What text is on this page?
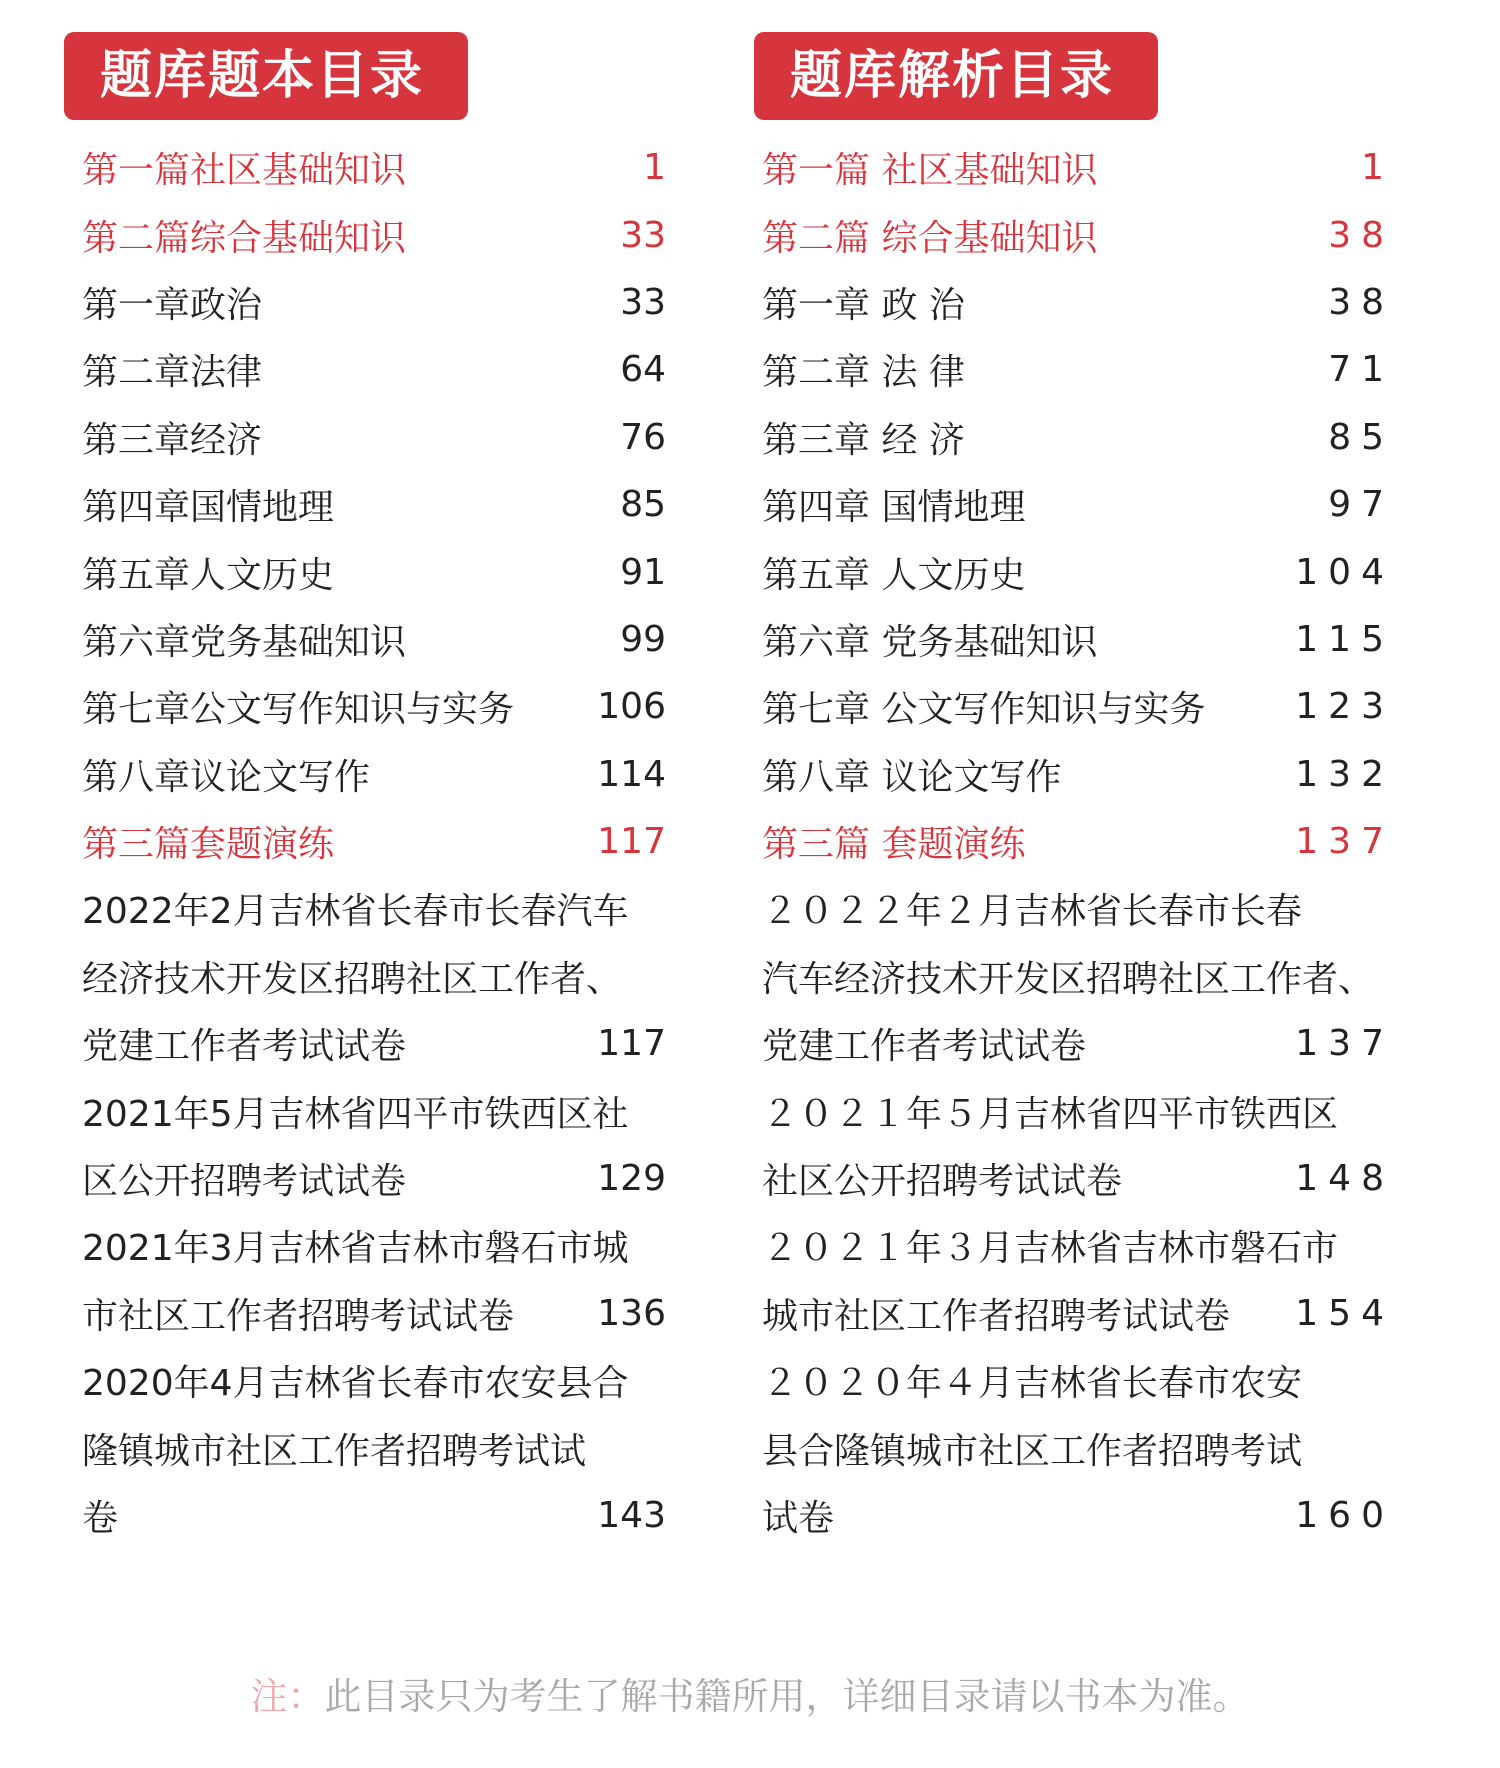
题库题本目录
第一篇社区基础知识	1
第二篇综合基础知识	33
第一章政治	33
第二章法律	64
第三章经济	76
第四章国情地理	85
第五章人文历史	91
第六章党务基础知识	99
第七章公文写作知识与实务 106
第八章议论文写作	114
第三篇套题演练	117
2022年2月吉林省长春市长春汽车
经济技术开发区招聘社区工作者、
党建工作者考试试卷	117
2021年5月吉林省四平市铁西区社
区公开招聘考试试卷	129
2021年3月吉林省吉林市磐石市城
市社区工作者招聘考试试卷 136
2020年4月吉林省长春市农安县合
隆镇城市社区工作者招聘考试试
卷	143
题库解析目录
第一篇 社区基础知识	1
第二篇 综合基础知识	38
第一章 政 治	38
第二章 法 律	71
第三章 经 济	85
第四章 国情地理	97
第五章 人文历史	104
第六章 党务基础知识	115
第七章 公文写作知识与实务 123
第八章 议论文写作	132
第三篇 套题演练	137
２０２２年２月吉林省长春市长春
汽车经济技术开发区招聘社区工作者、
党建工作者考试试卷	137
２０２１年５月吉林省四平市铁西区
社区公开招聘考试试卷	148
２０２１年３月吉林省吉林市磐石市
城市社区工作者招聘考试试卷 154
２０２０年４月吉林省长春市农安
县合隆镇城市社区工作者招聘考试
试卷	160
注：此目录只为考生了解书籍所用，详细目录请以书本为准。
